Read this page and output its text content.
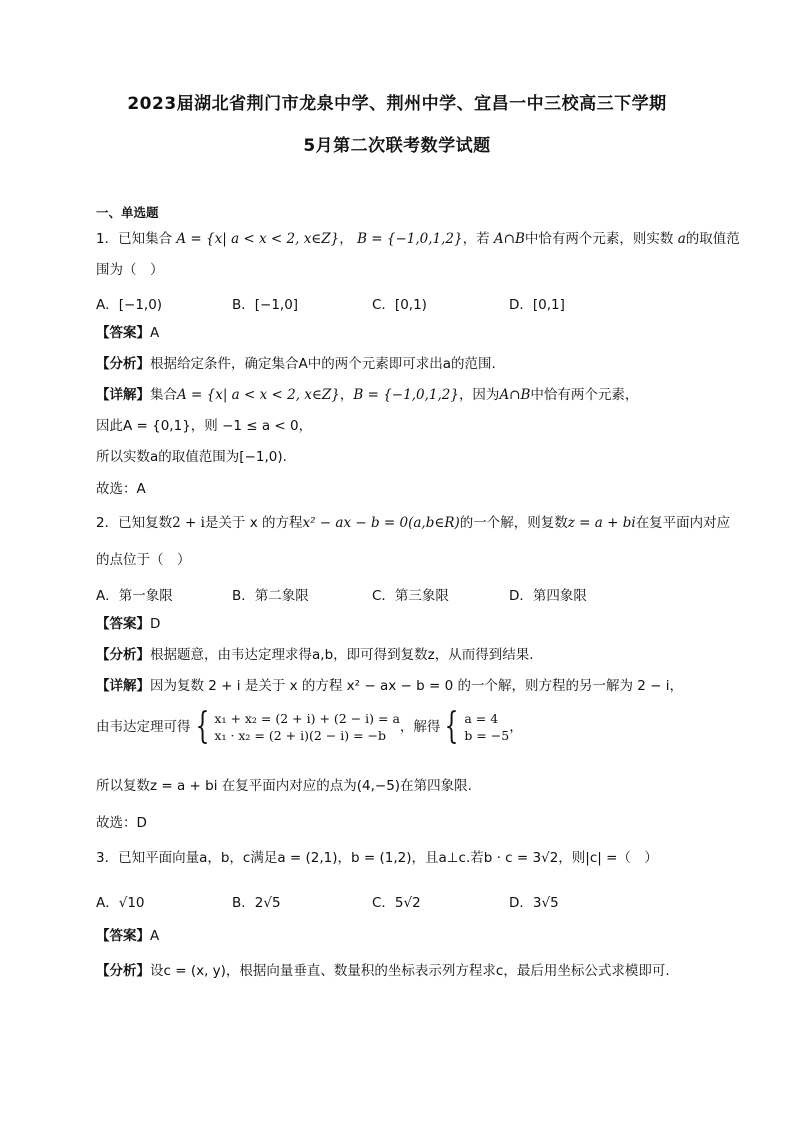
2023届湖北省荆门市龙泉中学、荆州中学、宜昌一中三校高三下学期
5月第二次联考数学试题
一、单选题
1．已知集合 A = {x| a < x < 2, x∈Z}， B = {−1,0,1,2}，若 A∩B中恰有两个元素，则实数 a的取值范
围为（　）
A．[−1,0)	B．[−1,0]	C．[0,1)	D．[0,1]
【答案】A
【分析】根据给定条件，确定集合A中的两个元素即可求出a的范围.
【详解】集合A = {x| a < x < 2, x∈Z}，B = {−1,0,1,2}，因为A∩B中恰有两个元素，
因此A = {0,1}，则 −1 ≤ a < 0，
所以实数a的取值范围为[−1,0).
故选：A
2．已知复数2 + i是关于 x 的方程x² − ax − b = 0(a,b∈R)的一个解，则复数z = a + bi在复平面内对应
的点位于（　）
A．第一象限	B．第二象限	C．第三象限	D．第四象限
【答案】D
【分析】根据题意，由韦达定理求得a,b，即可得到复数z，从而得到结果.
【详解】因为复数 2 + i 是关于 x 的方程 x² − ax − b = 0 的一个解，则方程的另一解为 2 − i，
由韦达定理可得 { x₁ + x₂ = (2 + i) + (2 − i) = a
x₁ · x₂ = (2 + i)(2 − i) = −b
，解得 { a = 4
b = −5
，
所以复数z = a + bi 在复平面内对应的点为(4,−5)在第四象限.
故选：D
3．已知平面向量a，b，c满足a = (2,1)，b = (1,2)，且a⊥c.若b · c = 3√2，则|c| =（　）
A．√10	B．2√5	C．5√2	D．3√5
【答案】A
【分析】设c = (x, y)，根据向量垂直、数量积的坐标表示列方程求c，最后用坐标公式求模即可.
